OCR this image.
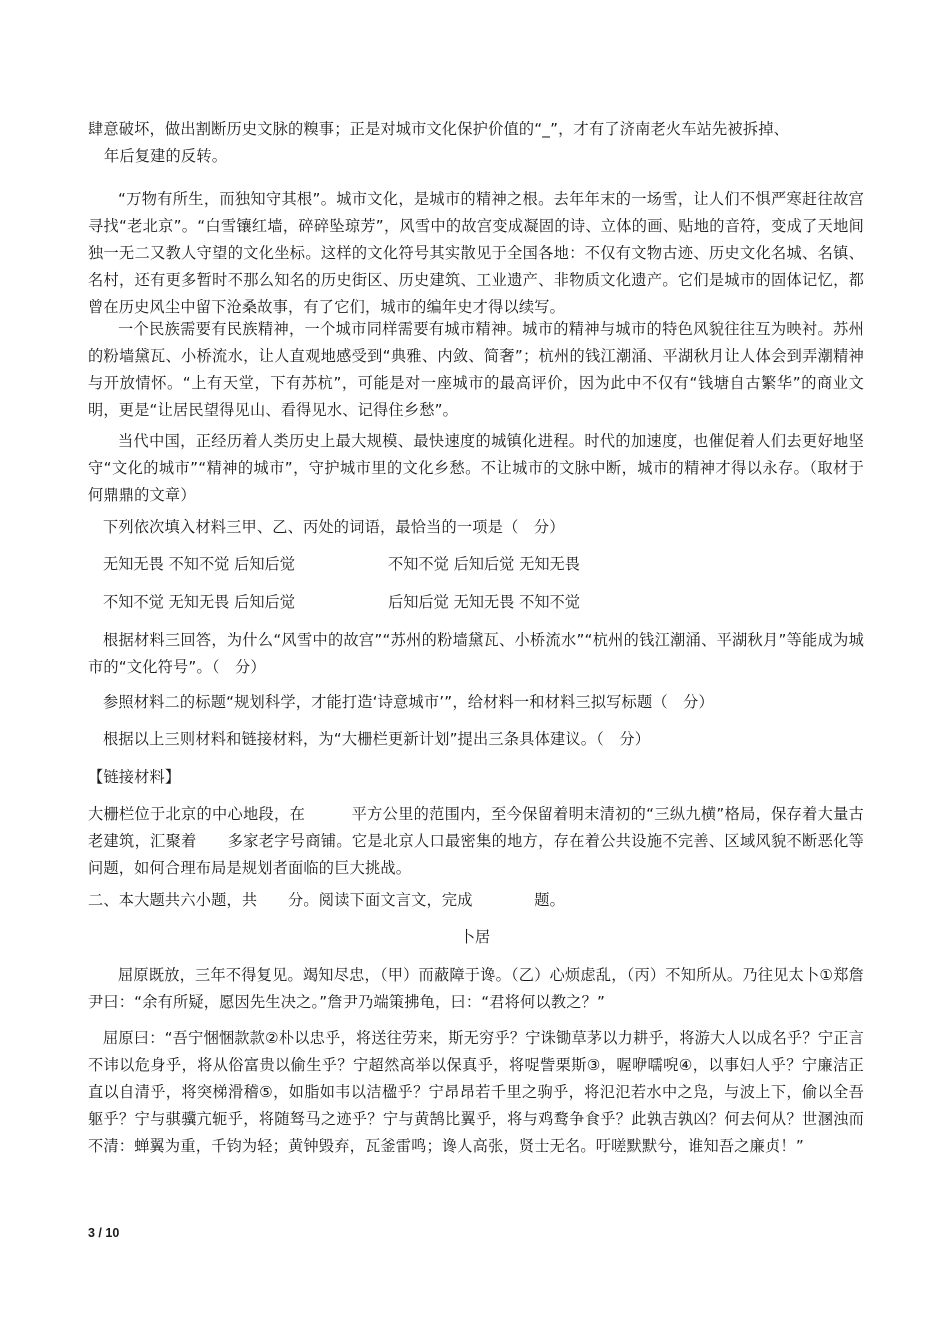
肆意破坏，做出割断历史文脉的糗事；正是对城市文化保护价值的“_”，才有了济南老火车站先被拆掉、

年后复建的反转。

“万物有所生，而独知守其根”。城市文化，是城市的精神之根。去年年末的一场雪，让人们不惧严寒赶往故宫寻找“老北京”。“白雪镶红墙，碎碎坠琼芳”，风雪中的故宫变成凝固的诗、立体的画、贴地的音符，变成了天地间独一无二又教人守望的文化坐标。这样的文化符号其实散见于全国各地：不仅有文物古迹、历史文化名城、名镇、名村，还有更多暂时不那么知名的历史街区、历史建筑、工业遗产、非物质文化遗产。它们是城市的固体记忆，都曾在历史风尘中留下沧桑故事，有了它们，城市的编年史才得以续写。

一个民族需要有民族精神，一个城市同样需要有城市精神。城市的精神与城市的特色风貌往往互为映衬。苏州的粉墙黛瓦、小桥流水，让人直观地感受到“典雅、内敛、简奢”；杭州的钱江潮涌、平湖秋月让人体会到弄潮精神与开放情怀。“上有天堂，下有苏杭”，可能是对一座城市的最高评价，因为此中不仅有“钱塘自古繁华”的商业文明，更是“让居民望得见山、看得见水、记得住乡愁”。

当代中国，正经历着人类历史上最大规模、最快速度的城镇化进程。时代的加速度，也催促着人们去更好地坚守“文化的城市”“精神的城市”，守护城市里的文化乡愁。不让城市的文脉中断，城市的精神才得以永存。（取材于何鼎鼎的文章）

下列依次填入材料三甲、乙、丙处的词语，最恰当的一项是（　分）

无知无畏 不知不觉 后知后觉	不知不觉 后知后觉 无知无畏
不知不觉 无知无畏 后知后觉	后知后觉 无知无畏 不知不觉

根据材料三回答，为什么“风雪中的故宫”“苏州的粉墙黛瓦、小桥流水”“杭州的钱江潮涌、平湖秋月”等能成为城市的“文化符号”。（　分）

参照材料二的标题“规划科学，才能打造‘诗意城市’”，给材料一和材料三拟写标题（　分）

根据以上三则材料和链接材料，为“大栅栏更新计划”提出三条具体建议。（　分）

【链接材料】

大栅栏位于北京的中心地段，在　　　平方公里的范围内，至今保留着明末清初的“三纵九横”格局，保存着大量古老建筑，汇聚着　　多家老字号商铺。它是北京人口最密集的地方，存在着公共设施不完善、区域风貌不断恶化等问题，如何合理布局是规划者面临的巨大挑战。

二、本大题共六小题，共　　分。阅读下面文言文，完成　　　　题。

卜居

屈原既放，三年不得复见。竭知尽忠，（甲）而蔽障于谗。（乙）心烦虑乱，（丙）不知所从。乃往见太卜①郑詹尹曰：“余有所疑，愿因先生决之。”詹尹乃端策拂龟，曰：“君将何以教之？”

屈原曰：“吾宁悃悃款款②朴以忠乎，将送往劳来，斯无穷乎？宁诛锄草茅以力耕乎，将游大人以成名乎？宁正言不讳以危身乎，将从俗富贵以偷生乎？宁超然高举以保真乎，将哫訾栗斯③，喔咿嚅唲④，以事妇人乎？宁廉洁正直以自清乎，将突梯滑稽⑤，如脂如韦以洁楹乎？宁昂昂若千里之驹乎，将氾氾若水中之凫，与波上下，偷以全吾躯乎？宁与骐骥亢轭乎，将随驽马之迹乎？宁与黄鹄比翼乎，将与鸡鹜争食乎？此孰吉孰凶？何去何从？世溷浊而不清：蝉翼为重，千钧为轻；黄钟毁弃，瓦釜雷鸣；谗人高张，贤士无名。吁嗟默默兮，谁知吾之廉贞！”

3 / 10
